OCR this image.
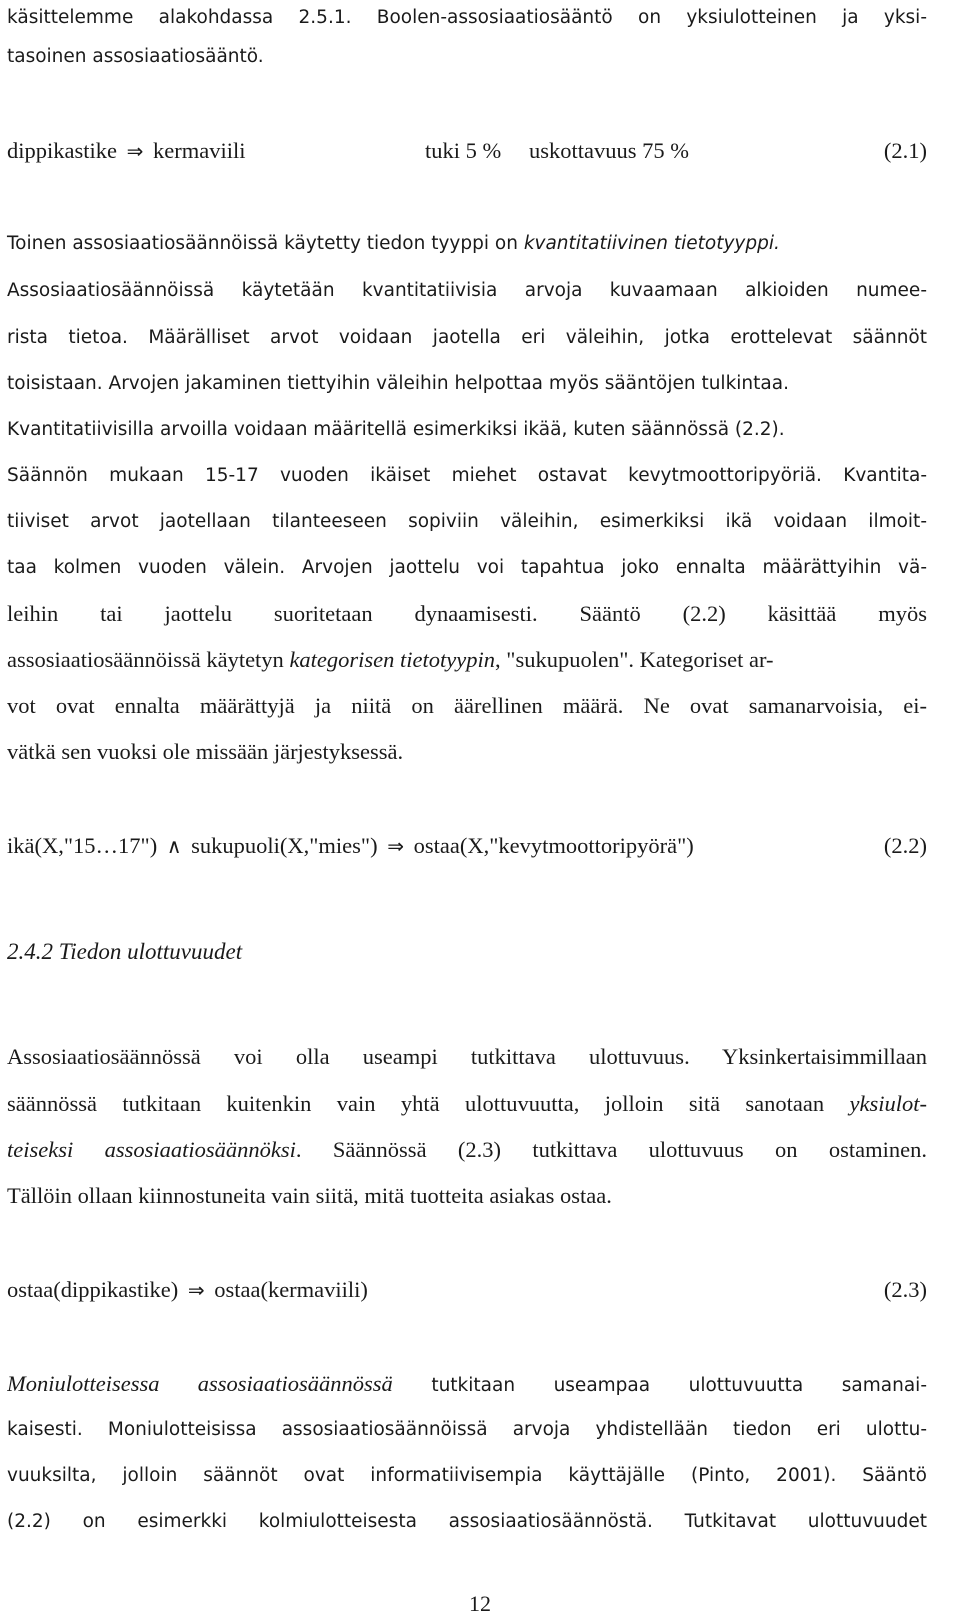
käsittelemme alakohdassa 2.5.1. Boolen-assosiaatiosääntö on yksiulotteinen ja yksi-
tasoinen assosiaatiosääntö.
dippikastike ⇒ kermaviili	tuki 5 % uskottavuus 75 %	(2.1)
Toinen assosiaatiosäännöissä käytetty tiedon tyyppi on kvantitatiivinen tietotyyppi.
Assosiaatiosäännöissä käytetään kvantitatiivisia arvoja kuvaamaan alkioiden numee-
rista tietoa. Määrälliset arvot voidaan jaotella eri väleihin, jotka erottelevat säännöt
toisistaan. Arvojen jakaminen tiettyihin väleihin helpottaa myös sääntöjen tulkintaa.
Kvantitatiivisilla arvoilla voidaan määritellä esimerkiksi ikää, kuten säännössä (2.2).
Säännön mukaan 15-17 vuoden ikäiset miehet ostavat kevytmoottoripyöriä. Kvantita-
tiiviset arvot jaotellaan tilanteeseen sopiviin väleihin, esimerkiksi ikä voidaan ilmoit-
taa kolmen vuoden välein. Arvojen jaottelu voi tapahtua joko ennalta määrättyihin vä-
leihin tai jaottelu suoritetaan dynaamisesti. Sääntö (2.2) käsittää myös
assosiaatiosäännöissä käytetyn kategorisen tietotyypin, "sukupuolen". Kategoriset ar-
vot ovat ennalta määrättyjä ja niitä on äärellinen määrä. Ne ovat samanarvoisia, ei-
vätkä sen vuoksi ole missään järjestyksessä.
ikä(X,"15…17") ∧ sukupuoli(X,"mies") ⇒ ostaa(X,"kevytmoottoripyörä")	(2.2)
2.4.2 Tiedon ulottuvuudet
Assosiaatiosäännössä voi olla useampi tutkittava ulottuvuus. Yksinkertaisimmillaan
säännössä tutkitaan kuitenkin vain yhtä ulottuvuutta, jolloin sitä sanotaan yksiulot-
teiseksi assosiaatiosäännöksi. Säännössä (2.3) tutkittava ulottuvuus on ostaminen.
Tällöin ollaan kiinnostuneita vain siitä, mitä tuotteita asiakas ostaa.
ostaa(dippikastike) ⇒ ostaa(kermaviili)	(2.3)
Moniulotteisessa assosiaatiosäännössä tutkitaan useampaa ulottuvuutta samanai-
kaisesti. Moniulotteisissa assosiaatiosäännöissä arvoja yhdistellään tiedon eri ulottu-
vuuksilta, jolloin säännöt ovat informatiivisempia käyttäjälle (Pinto, 2001). Sääntö
(2.2) on esimerkki kolmiulotteisesta assosiaatiosäännöstä. Tutkitavat ulottuvuudet
12
